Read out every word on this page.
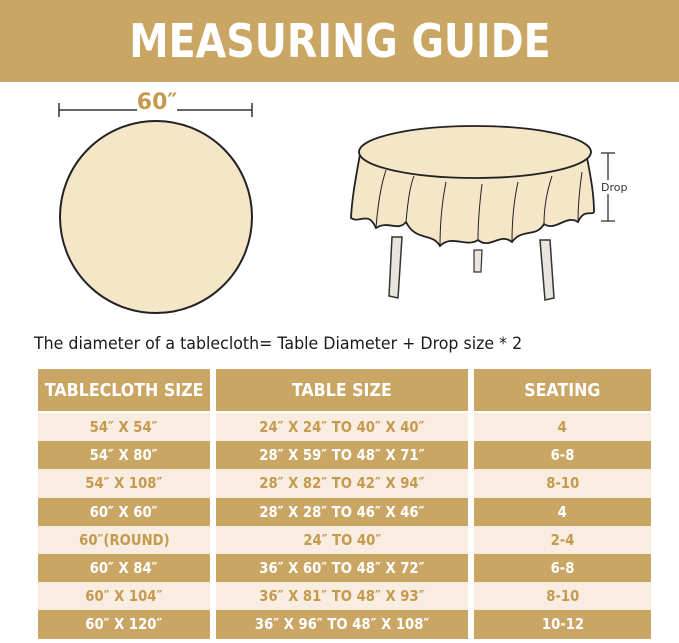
MEASURING GUIDE
60″
Drop
The diameter of a tablecloth= Table Diameter + Drop size * 2
TABLECLOTH SIZE
54″ X 54″
54″ X 80″
54″ X 108″
60″ X 60″
60″(ROUND)
60″ X 84″
60″ X 104″
60″ X 120″
TABLE SIZE
24″ X 24″ TO 40″ X 40″
28″ X 59″ TO 48″ X 71″
28″ X 82″ TO 42″ X 94″
28″ X 28″ TO 46″ X 46″
24″ TO 40″
36″ X 60″ TO 48″ X 72″
36″ X 81″ TO 48″ X 93″
36″ X 96″ TO 48″ X 108″
SEATING
4
6-8
8-10
4
2-4
6-8
8-10
10-12
